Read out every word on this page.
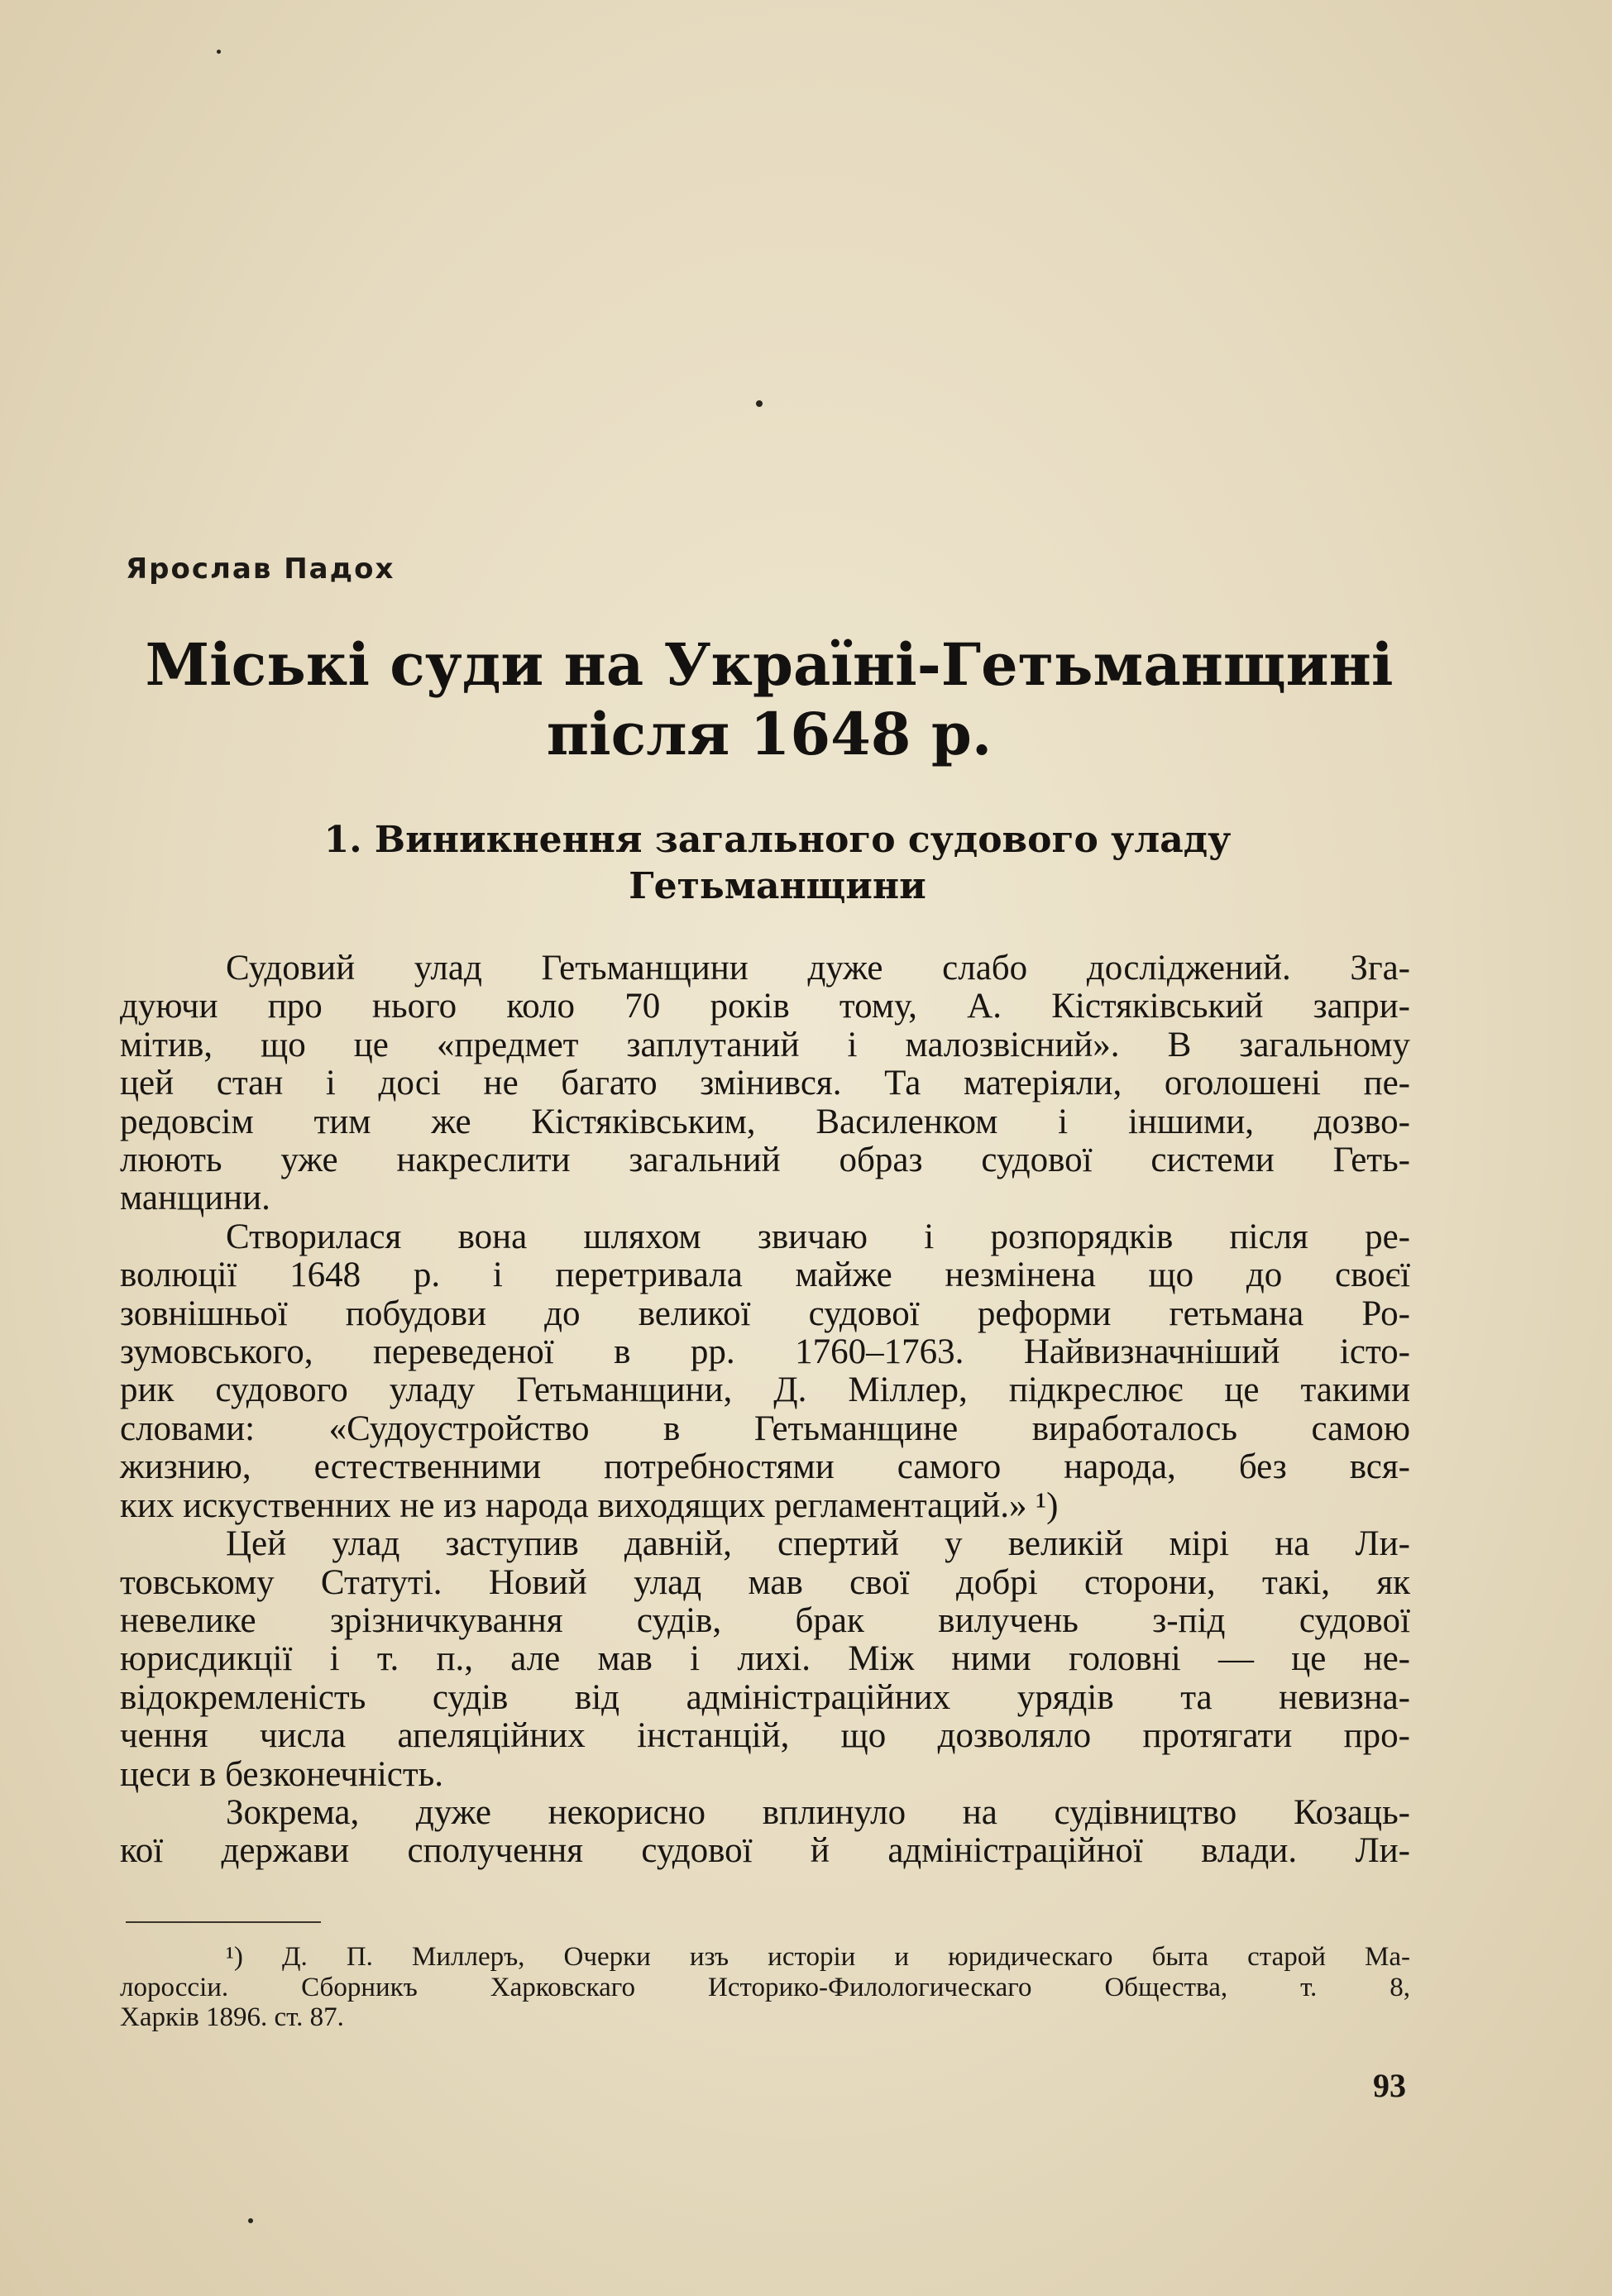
Ярослав Падох
Міські суди на Україні-Гетьманщині
після 1648 р.
1. Виникнення загального судового уладу
Гетьманщини
Судовий улад Гетьманщини дуже слабо досліджений. Зга-
дуючи про нього коло 70 років тому, А. Кістяківський запри-
мітив, що це «предмет заплутаний і малозвісний». В загальному
цей стан і досі не багато змінився. Та матеріяли, оголошені пе-
редовсім тим же Кістяківським, Василенком і іншими, дозво-
люють уже накреслити загальний образ судової системи Геть-
манщини.
Створилася вона шляхом звичаю і розпорядків після ре-
волюції 1648 р. і перетривала майже незмінена що до своєї
зовнішньої побудови до великої судової реформи гетьмана Ро-
зумовського, переведеної в рр. 1760–1763. Найвизначніший істо-
рик судового уладу Гетьманщини, Д. Міллер, підкреслює це такими
словами: «Судоустройство в Гетьманщине виработалось самою
жизнию, естественними потребностями самого народа, без вся-
ких искуственних не из народа виходящих регламентаций.» ¹)
Цей улад заступив давній, спертий у великій мірі на Ли-
товському Статуті. Новий улад мав свої добрі сторони, такі, як
невелике зрізничкування судів, брак вилучень з-під судової
юрисдикції і т. п., але мав і лихі. Між ними головні — це не-
відокремленість судів від адміністраційних урядів та невизна-
чення числа апеляційних інстанцій, що дозволяло протягати про-
цеси в безконечність.
Зокрема, дуже некорисно вплинуло на судівництво Козаць-
кої держави сполучення судової й адміністраційної влади. Ли-
¹) Д. П. Миллеръ, Очерки изъ исторіи и юридическаго быта старой Ма-
лороссіи. Сборникъ Харковскаго Историко-Филологическаго Общества, т. 8,
Харків 1896. ст. 87.
93
